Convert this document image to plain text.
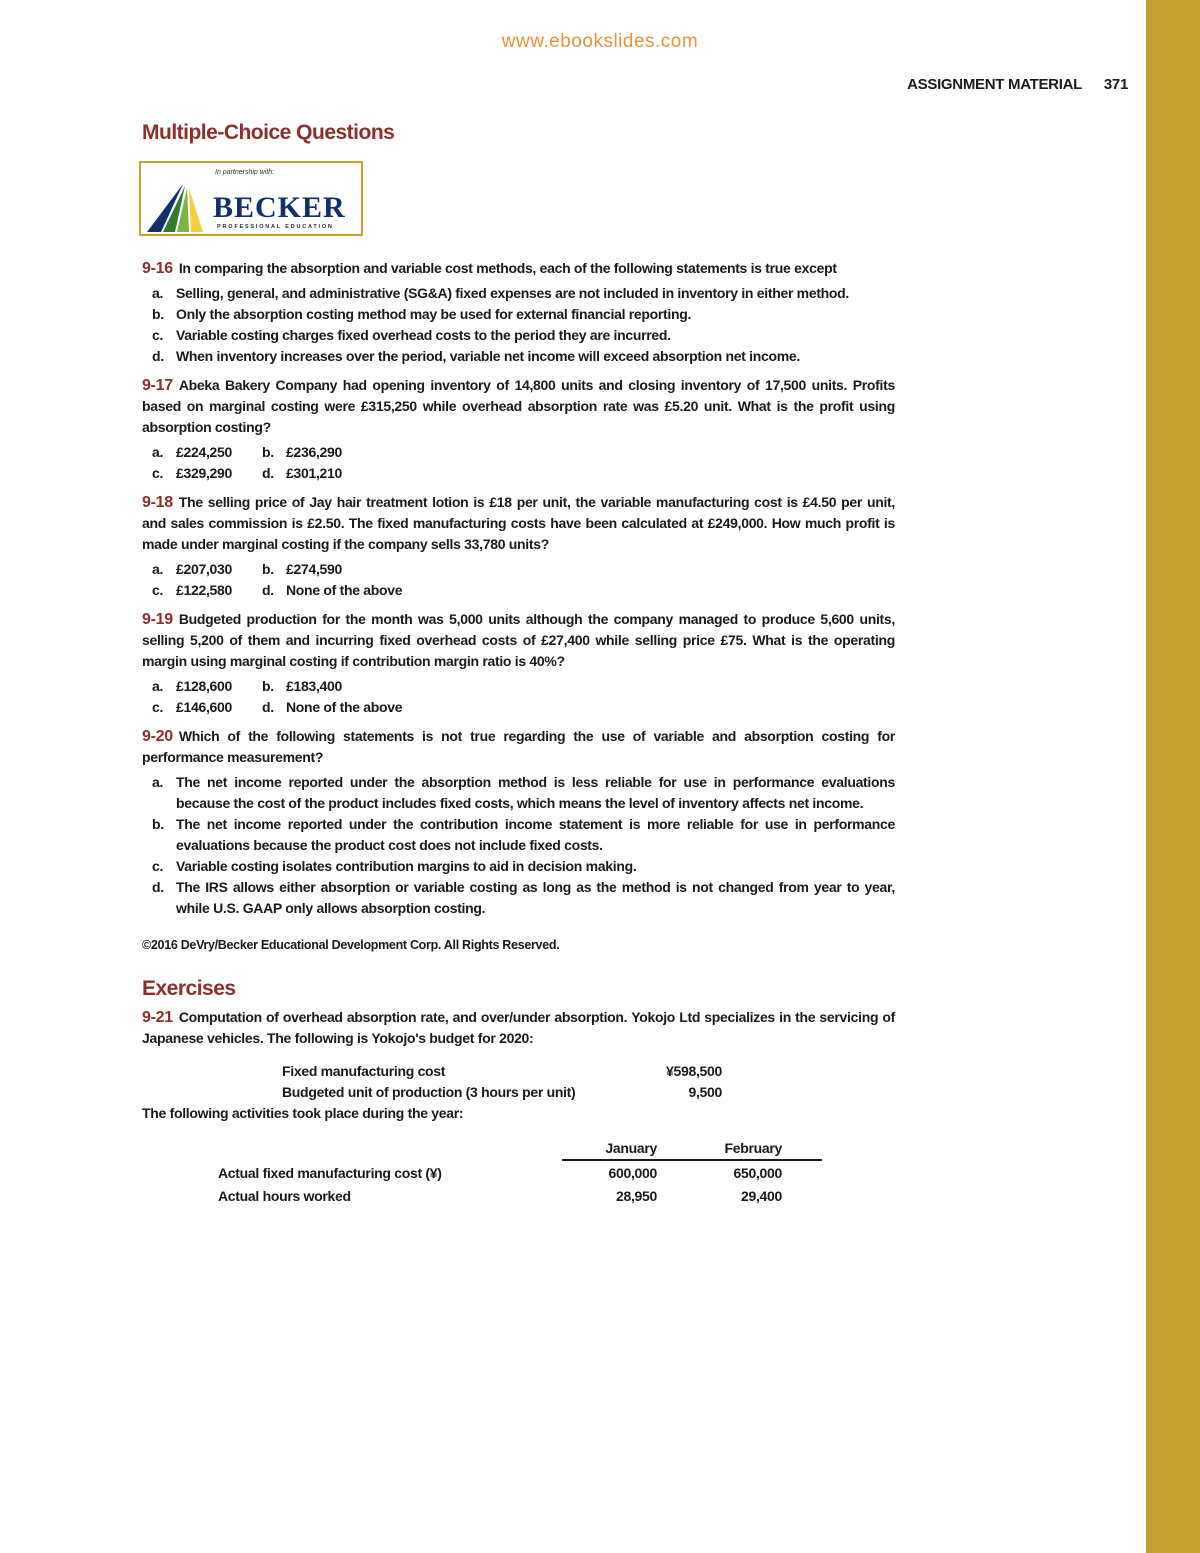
www.ebookslides.com
ASSIGNMENT MATERIAL 371
Multiple-Choice Questions
In partnership with:
BECKER
PROFESSIONAL EDUCATION

9-16 In comparing the absorption and variable cost methods, each of the following statements is true except

a. Selling, general, and administrative (SG&A) fixed expenses are not included in inventory in either method.
b. Only the absorption costing method may be used for external financial reporting.
c. Variable costing charges fixed overhead costs to the period they are incurred.
d. When inventory increases over the period, variable net income will exceed absorption net income.

9-17 Abeka Bakery Company had opening inventory of 14,800 units and closing inventory of 17,500 units. Profits based on marginal costing were £315,250 while overhead absorption rate was £5.20 unit. What is the profit using absorption costing?

a. £224,250	b. £236,290
c. £329,290	d. £301,210

9-18 The selling price of Jay hair treatment lotion is £18 per unit, the variable manufacturing cost is £4.50 per unit, and sales commission is £2.50. The fixed manufacturing costs have been calculated at £249,000. How much profit is made under marginal costing if the company sells 33,780 units?

a. £207,030	b. £274,590
c. £122,580	d. None of the above

9-19 Budgeted production for the month was 5,000 units although the company managed to produce 5,600 units, selling 5,200 of them and incurring fixed overhead costs of £27,400 while selling price £75. What is the operating margin using marginal costing if contribution margin ratio is 40%?

a. £128,600	b. £183,400
c. £146,600	d. None of the above

9-20 Which of the following statements is not true regarding the use of variable and absorption costing for performance measurement?

a. The net income reported under the absorption method is less reliable for use in performance evaluations because the cost of the product includes fixed costs, which means the level of inventory affects net income.
b. The net income reported under the contribution income statement is more reliable for use in performance evaluations because the product cost does not include fixed costs.
c. Variable costing isolates contribution margins to aid in decision making.
d. The IRS allows either absorption or variable costing as long as the method is not changed from year to year, while U.S. GAAP only allows absorption costing.

©2016 DeVry/Becker Educational Development Corp. All Rights Reserved.

Exercises

9-21 Computation of overhead absorption rate, and over/under absorption. Yokojo Ltd specializes in the servicing of Japanese vehicles. The following is Yokojo's budget for 2020:

Fixed manufacturing cost	¥598,500
Budgeted unit of production (3 hours per unit)	9,500

The following activities took place during the year:

	January	February
Actual fixed manufacturing cost (¥)	600,000	650,000
Actual hours worked	28,950	29,400
